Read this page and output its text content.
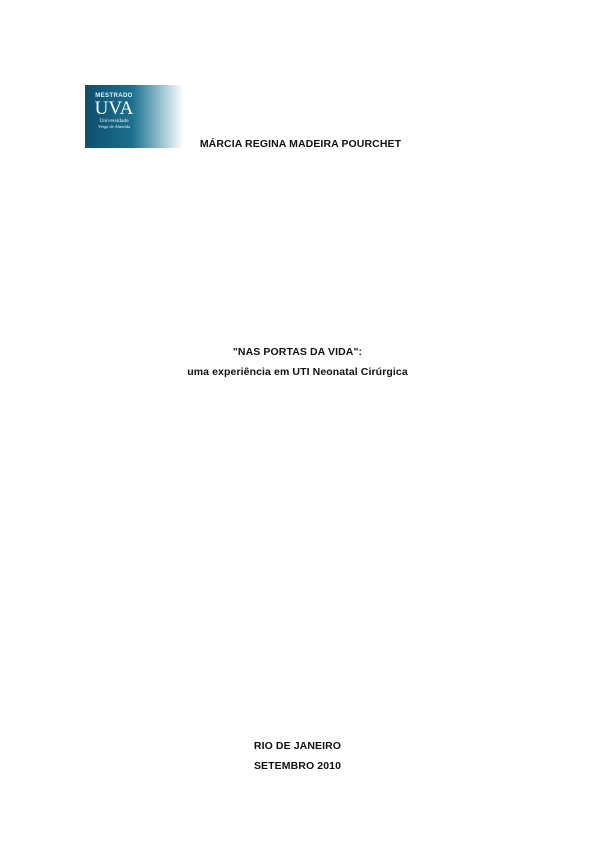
MESTRADO
UVA
Universidade
Veiga de Almeida
MÁRCIA REGINA MADEIRA POURCHET
"NAS PORTAS DA VIDA":
uma experiência em UTI Neonatal Cirúrgica
RIO DE JANEIRO
SETEMBRO 2010
